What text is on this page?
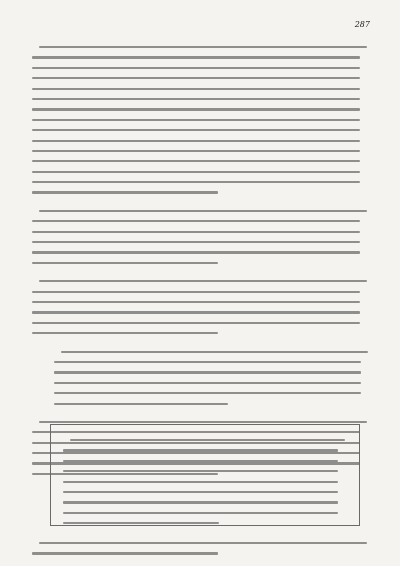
287
